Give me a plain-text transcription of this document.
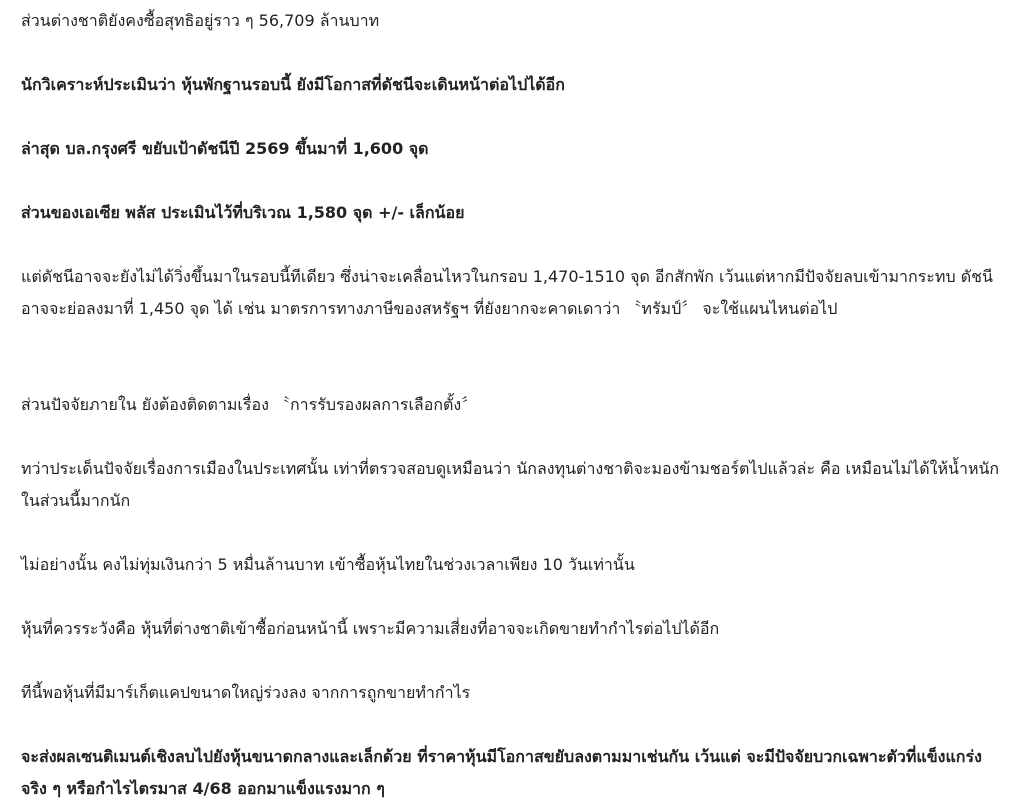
ส่วนต่างชาติยังคงซื้อสุทธิอยู่ราว ๆ 56,709 ล้านบาท

นักวิเคราะห์ประเมินว่า หุ้นพักฐานรอบนี้ ยังมีโอกาสที่ดัชนีจะเดินหน้าต่อไปได้อีก

ล่าสุด บล.กรุงศรี ขยับเป้าดัชนีปี 2569 ขึ้นมาที่ 1,600 จุด

ส่วนของเอเซีย พลัส ประเมินไว้ที่บริเวณ 1,580 จุด +/- เล็กน้อย

แต่ดัชนีอาจจะยังไม่ได้วิ่งขึ้นมาในรอบนี้ทีเดียว ซึ่งน่าจะเคลื่อนไหวในกรอบ 1,470-1510 จุด อีกสักพัก เว้นแต่หากมีปัจจัยลบเข้ามากระทบ ดัชนีอาจจะย่อลงมาที่ 1,450 จุด ได้ เช่น มาตรการทางภาษีของสหรัฐฯ ที่ยังยากจะคาดเดาว่า 〝ทรัมป์〞 จะใช้แผนไหนต่อไป

ส่วนปัจจัยภายใน ยังต้องติดตามเรื่อง 〝การรับรองผลการเลือกตั้ง〞

ทว่าประเด็นปัจจัยเรื่องการเมืองในประเทศนั้น เท่าที่ตรวจสอบดูเหมือนว่า นักลงทุนต่างชาติจะมองข้ามชอร์ตไปแล้วล่ะ คือ เหมือนไม่ได้ให้น้ำหนักในส่วนนี้มากนัก

ไม่อย่างนั้น คงไม่ทุ่มเงินกว่า 5 หมื่นล้านบาท เข้าซื้อหุ้นไทยในช่วงเวลาเพียง 10 วันเท่านั้น

หุ้นที่ควรระวังคือ หุ้นที่ต่างชาติเข้าซื้อก่อนหน้านี้ เพราะมีความเสี่ยงที่อาจจะเกิดขายทำกำไรต่อไปได้อีก

ทีนี้พอหุ้นที่มีมาร์เก็ตแคปขนาดใหญ่ร่วงลง จากการถูกขายทำกำไร

จะส่งผลเซนติเมนต์เชิงลบไปยังหุ้นขนาดกลางและเล็กด้วย ที่ราคาหุ้นมีโอกาสขยับลงตามมาเช่นกัน เว้นแต่ จะมีปัจจัยบวกเฉพาะตัวที่แข็งแกร่งจริง ๆ หรือกำไรไตรมาส 4/68 ออกมาแข็งแรงมาก ๆ
